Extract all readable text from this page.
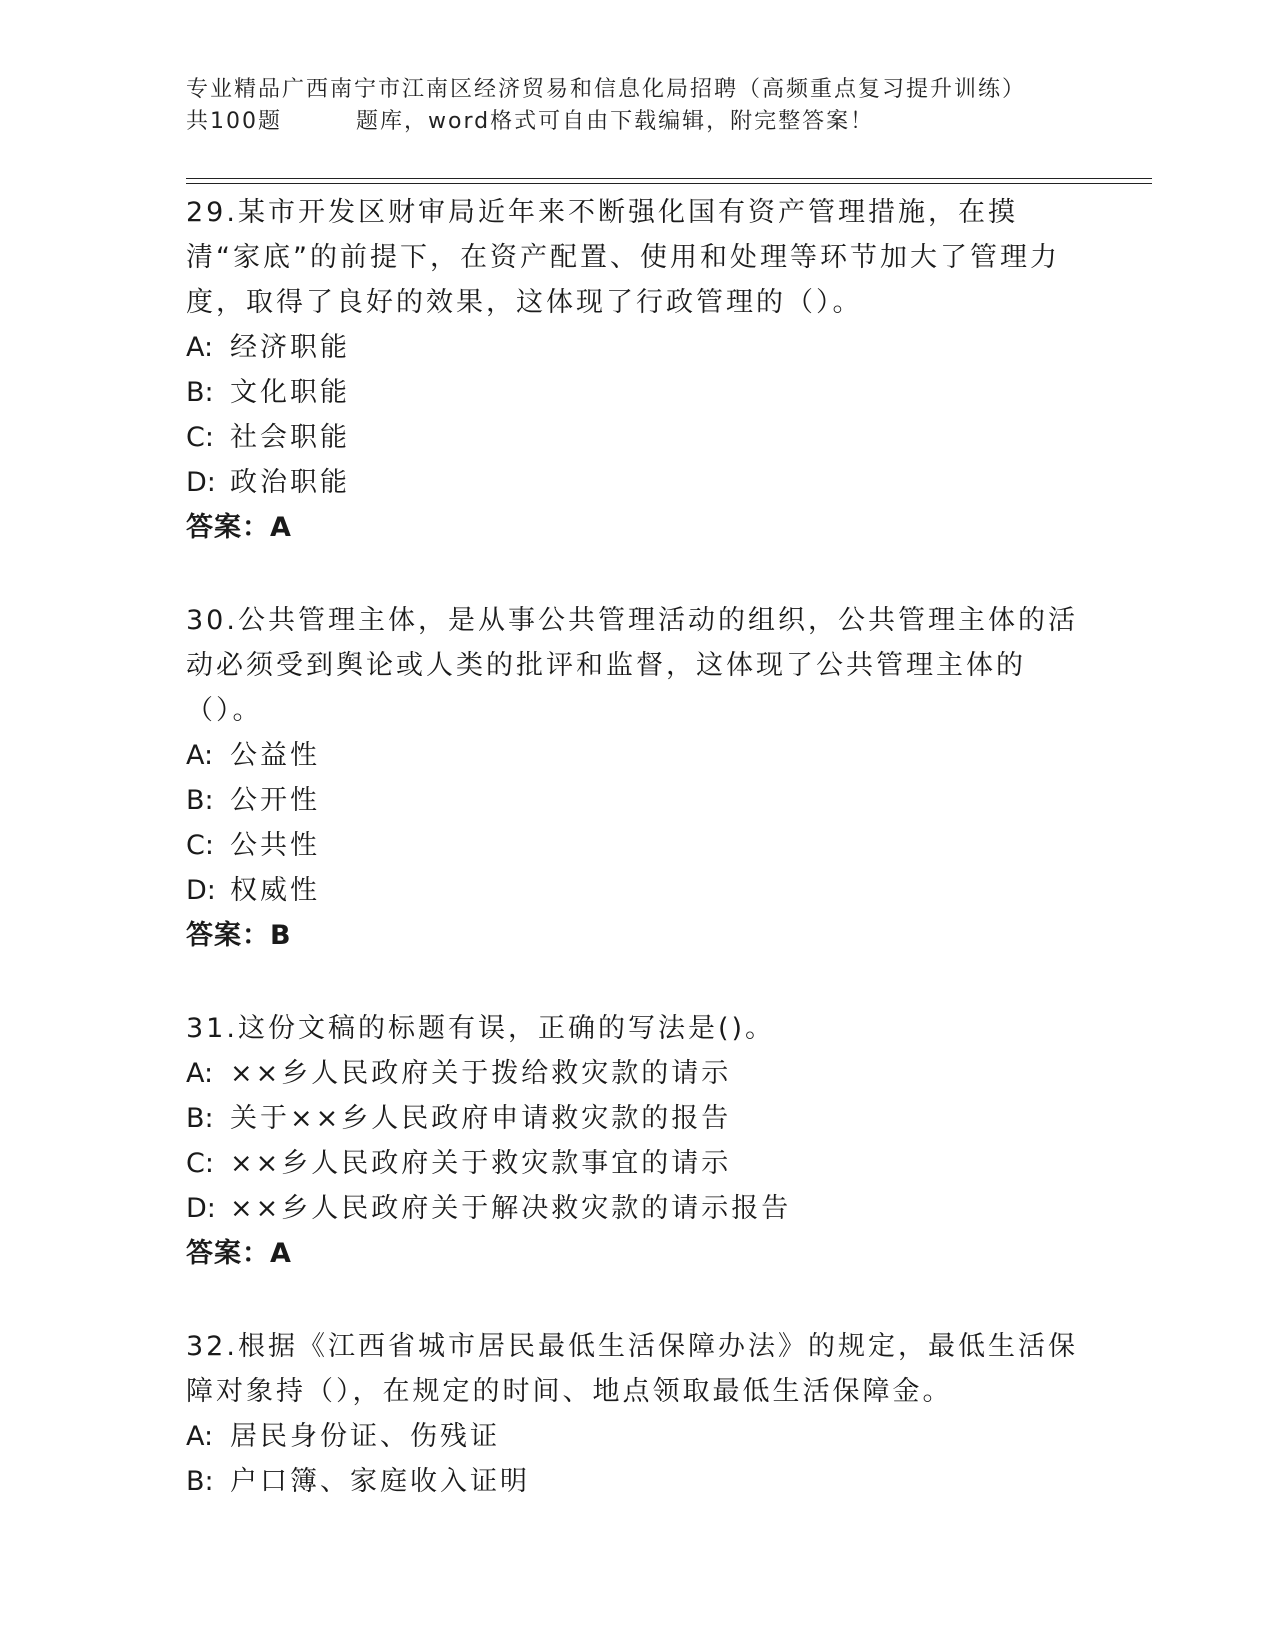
专业精品广西南宁市江南区经济贸易和信息化局招聘（高频重点复习提升训练）
共100题	题库，word格式可自由下载编辑，附完整答案！

29.某市开发区财审局近年来不断强化国有资产管理措施，在摸清“家底”的前提下，在资产配置、使用和处理等环节加大了管理力度，取得了良好的效果，这体现了行政管理的（）。

A: 经济职能
B: 文化职能
C: 社会职能
D: 政治职能
答案：A

30.公共管理主体，是从事公共管理活动的组织，公共管理主体的活动必须受到舆论或人类的批评和监督，这体现了公共管理主体的（）。

A: 公益性
B: 公开性
C: 公共性
D: 权威性
答案：B

31.这份文稿的标题有误，正确的写法是()。

A: ××乡人民政府关于拨给救灾款的请示
B: 关于××乡人民政府申请救灾款的报告
C: ××乡人民政府关于救灾款事宜的请示
D: ××乡人民政府关于解决救灾款的请示报告
答案：A

32.根据《江西省城市居民最低生活保障办法》的规定，最低生活保障对象持（），在规定的时间、地点领取最低生活保障金。

A: 居民身份证、伤残证
B: 户口簿、家庭收入证明
